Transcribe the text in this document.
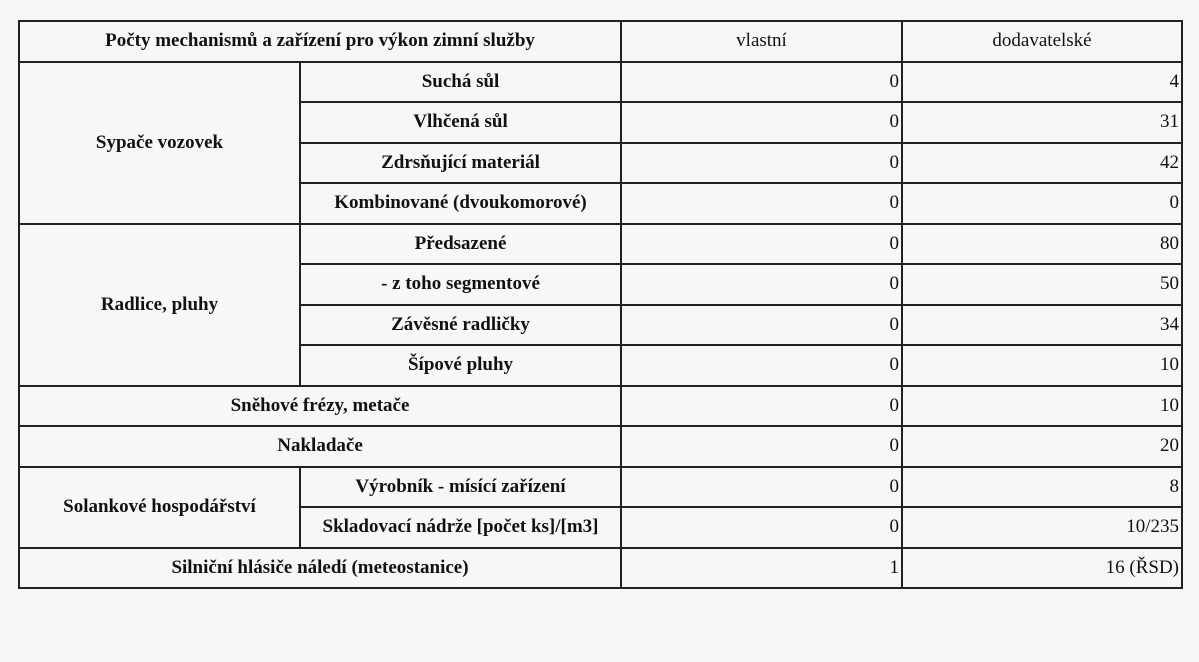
Počty mechanismů a zařízení pro výkon zimní služby		vlastní	dodavatelské
Sypače vozovek	Suchá sůl	0	4
	Vlhčená sůl	0	31
	Zdrsňující materiál	0	42
	Kombinované (dvoukomorové)	0	0
Radlice, pluhy	Předsazené	0	80
	- z toho segmentové	0	50
	Závěsné radličky	0	34
	Šípové pluhy	0	10
Sněhové frézy, metače		0	10
Nakladače		0	20
Solankové hospodářství	Výrobník - mísící zařízení	0	8
	Skladovací nádrže [počet ks]/[m3]	0	10/235
Silniční hlásiče náledí (meteostanice)		1	16 (ŘSD)
